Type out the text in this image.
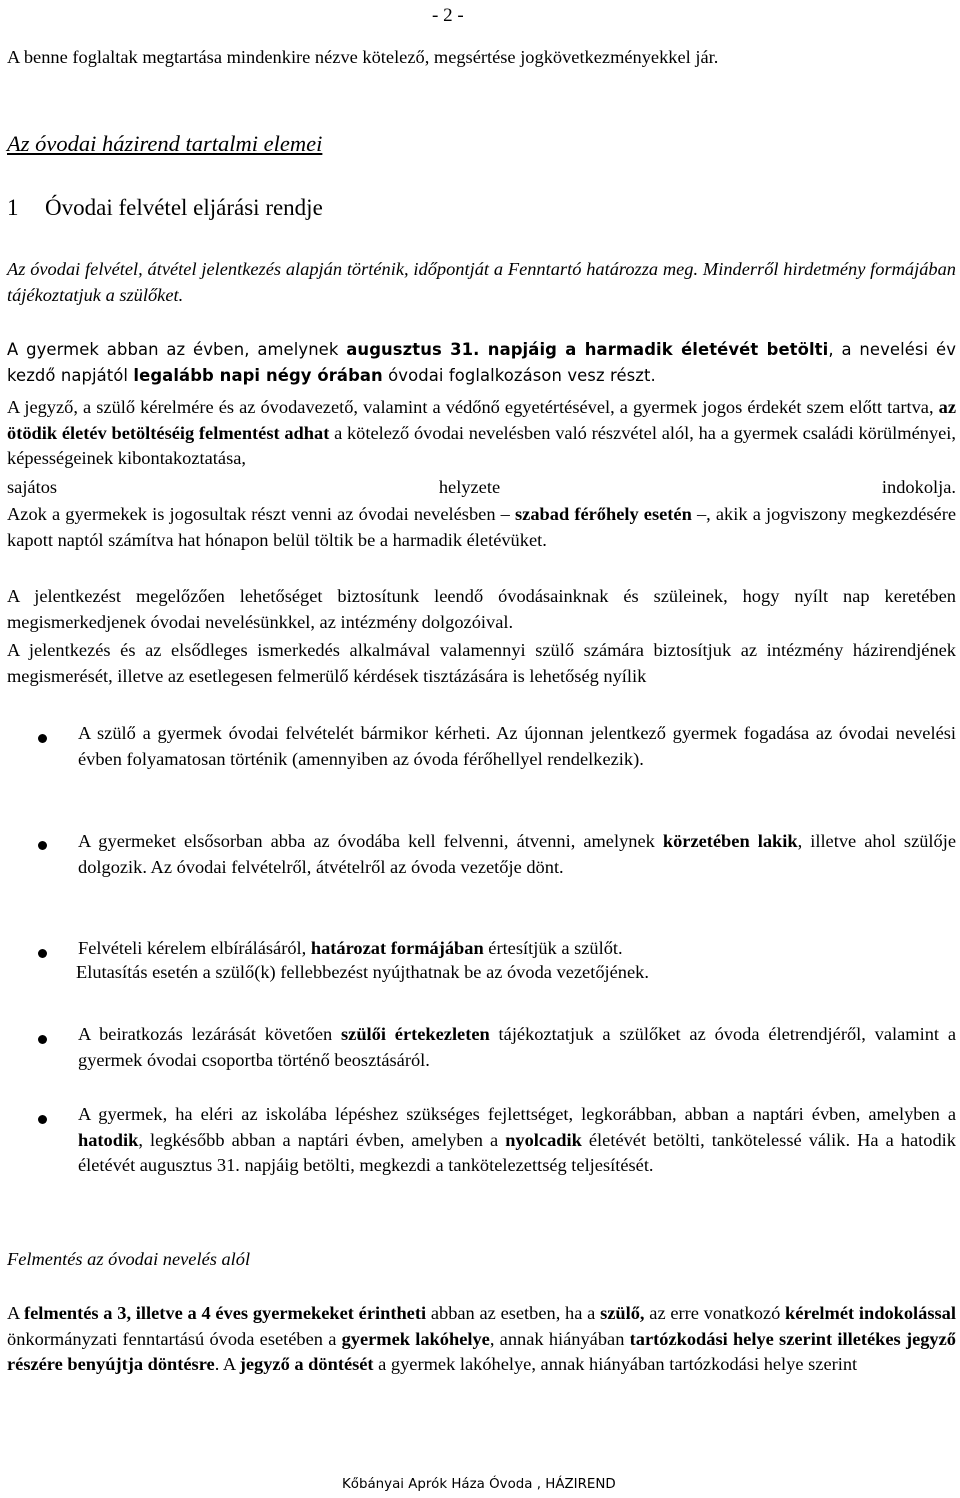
- 2 -
A benne foglaltak megtartása mindenkire nézve kötelező, megsértése jogkövetkezményekkel jár.
Az óvodai házirend tartalmi elemei
1 Óvodai felvétel eljárási rendje
Az óvodai felvétel, átvétel jelentkezés alapján történik, időpontját a Fenntartó határozza meg. Minderről hirdetmény formájában tájékoztatjuk a szülőket.
A gyermek abban az évben, amelynek augusztus 31. napjáig a harmadik életévét betölti, a nevelési év kezdő napjától legalább napi négy órában óvodai foglalkozáson vesz részt.
A jegyző, a szülő kérelmére és az óvodavezető, valamint a védőnő egyetértésével, a gyermek jogos érdekét szem előtt tartva, az ötödik életév betöltéséig felmentést adhat a kötelező óvodai nevelésben való részvétel alól, ha a gyermek családi körülményei, képességeinek kibontakoztatása,
sajátos	helyzete	indokolja.
Azok a gyermekek is jogosultak részt venni az óvodai nevelésben – szabad férőhely esetén –, akik a jogviszony megkezdésére kapott naptól számítva hat hónapon belül töltik be a harmadik életévüket.
A jelentkezést megelőzően lehetőséget biztosítunk leendő óvodásainknak és szüleinek, hogy nyílt nap keretében megismerkedjenek óvodai nevelésünkkel, az intézmény dolgozóival.
A jelentkezés és az elsődleges ismerkedés alkalmával valamennyi szülő számára biztosítjuk az intézmény házirendjének megismerését, illetve az esetlegesen felmerülő kérdések tisztázására is lehetőség nyílik
A szülő a gyermek óvodai felvételét bármikor kérheti. Az újonnan jelentkező gyermek fogadása az óvodai nevelési évben folyamatosan történik (amennyiben az óvoda férőhellyel rendelkezik).
A gyermeket elsősorban abba az óvodába kell felvenni, átvenni, amelynek körzetében lakik, illetve ahol szülője dolgozik. Az óvodai felvételről, átvételről az óvoda vezetője dönt.
Felvételi kérelem elbírálásáról, határozat formájában értesítjük a szülőt.
Elutasítás esetén a szülő(k) fellebbezést nyújthatnak be az óvoda vezetőjének.
A beiratkozás lezárását követően szülői értekezleten tájékoztatjuk a szülőket az óvoda életrendjéről, valamint a gyermek óvodai csoportba történő beosztásáról.
A gyermek, ha eléri az iskolába lépéshez szükséges fejlettséget, legkorábban, abban a naptári évben, amelyben a hatodik, legkésőbb abban a naptári évben, amelyben a nyolcadik életévét betölti, tankötelessé válik. Ha a hatodik életévét augusztus 31. napjáig betölti, megkezdi a tankötelezettség teljesítését.
Felmentés az óvodai nevelés alól
A felmentés a 3, illetve a 4 éves gyermekeket érintheti abban az esetben, ha a szülő, az erre vonatkozó kérelmét indokolással önkormányzati fenntartású óvoda esetében a gyermek lakóhelye, annak hiányában tartózkodási helye szerint illetékes jegyző részére benyújtja döntésre. A jegyző a döntését a gyermek lakóhelye, annak hiányában tartózkodási helye szerint
Kőbányai Aprók Háza Óvoda , HÁZIREND
